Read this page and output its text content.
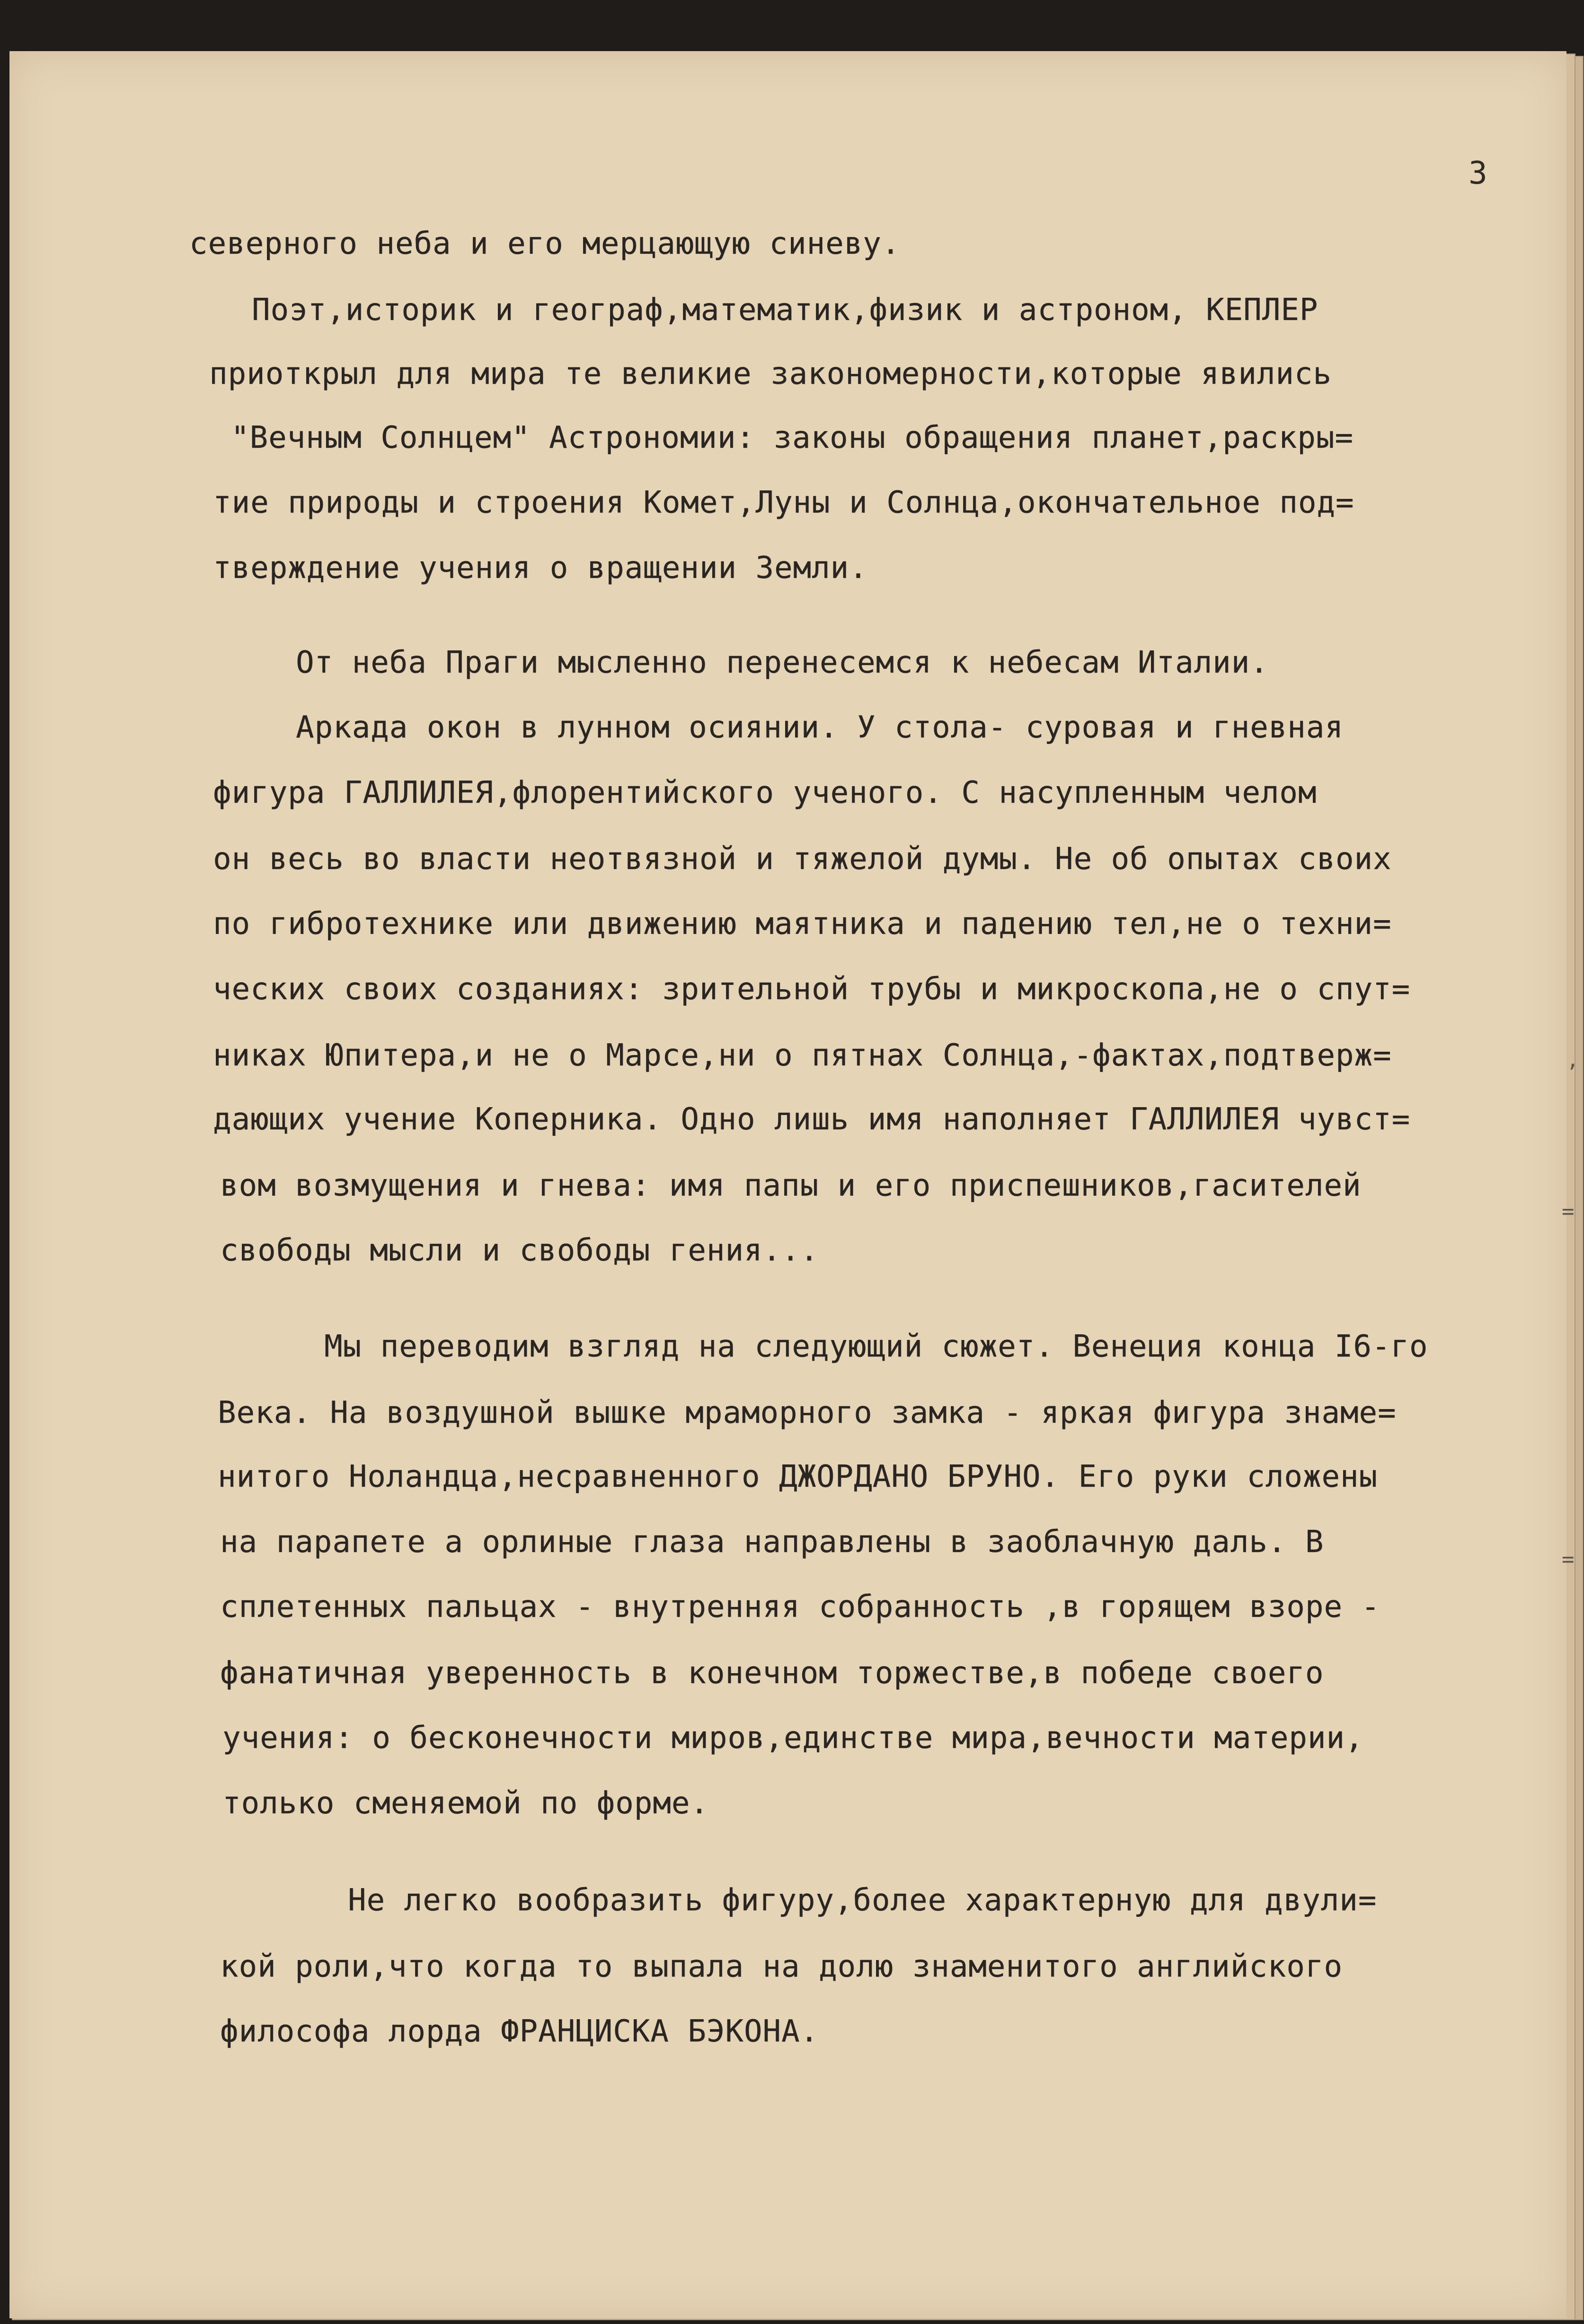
3
северного неба и его мерцающую синеву.
Поэт,историк и географ,математик,физик и астроном, КЕПЛЕР
приоткрыл для мира те великие закономерности,которые явились
"Вечным Солнцем" Астрономии: законы обращения планет,раскры=
тие природы и строения Комет,Луны и Солнца,окончательное под=
тверждение учения о вращении Земли.
От неба Праги мысленно перенесемся к небесам Италии.
Аркада окон в лунном осиянии. У стола- суровая и гневная
фигура ГАЛЛИЛЕЯ,флорентийского ученого. С насупленным челом
он весь во власти неотвязной и тяжелой думы. Не об опытах своих
по гибротехнике или движению маятника и падению тел,не о техни=
ческих своих созданиях: зрительной трубы и микроскопа,не о спут=
никах Юпитера,и не о Марсе,ни о пятнах Солнца,-фактах,подтверж=
дающих учение Коперника. Одно лишь имя наполняет ГАЛЛИЛЕЯ чувст=
вом возмущения и гнева: имя папы и его приспешников,гасителей
свободы мысли и свободы гения...
Мы переводим взгляд на следующий сюжет. Венеция конца I6-го
Века. На воздушной вышке мраморного замка - яркая фигура знаме=
нитого Ноландца,несравненного ДЖОРДАНО БРУНО. Его руки сложены
на парапете а орлиные глаза направлены в заоблачную даль. В
сплетенных пальцах - внутренняя собранность ,в горящем взоре -
фанатичная уверенность в конечном торжестве,в победе своего
учения: о бесконечности миров,единстве мира,вечности материи,
только сменяемой по форме.
Не легко вообразить фигуру,более характерную для двули=
кой роли,что когда то выпала на долю знаменитого английского
философа лорда ФРАНЦИСКА БЭКОНА.
=
=
,
